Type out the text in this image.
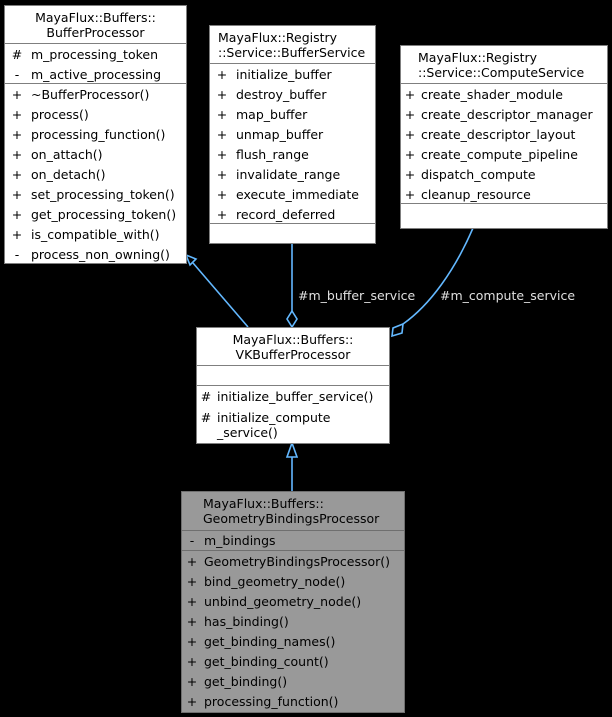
#m_buffer_service #m_compute_service
MayaFlux::Buffers::
BufferProcessor
# m_processing_token
- m_active_processing
+ ~BufferProcessor()
+ process()
+ processing_function()
+ on_attach()
+ on_detach()
+ set_processing_token()
+ get_processing_token()
+ is_compatible_with()
- process_non_owning()
MayaFlux::Registry
::Service::BufferService
+ initialize_buffer
+ destroy_buffer
+ map_buffer
+ unmap_buffer
+ flush_range
+ invalidate_range
+ execute_immediate
+ record_deferred
MayaFlux::Registry
::Service::ComputeService
+ create_shader_module
+ create_descriptor_manager
+ create_descriptor_layout
+ create_compute_pipeline
+ dispatch_compute
+ cleanup_resource
MayaFlux::Buffers::
VKBufferProcessor
# initialize_buffer_service()
# initialize_compute
_service()
MayaFlux::Buffers::
GeometryBindingsProcessor
- m_bindings
+ GeometryBindingsProcessor()
+ bind_geometry_node()
+ unbind_geometry_node()
+ has_binding()
+ get_binding_names()
+ get_binding_count()
+ get_binding()
+ processing_function()
